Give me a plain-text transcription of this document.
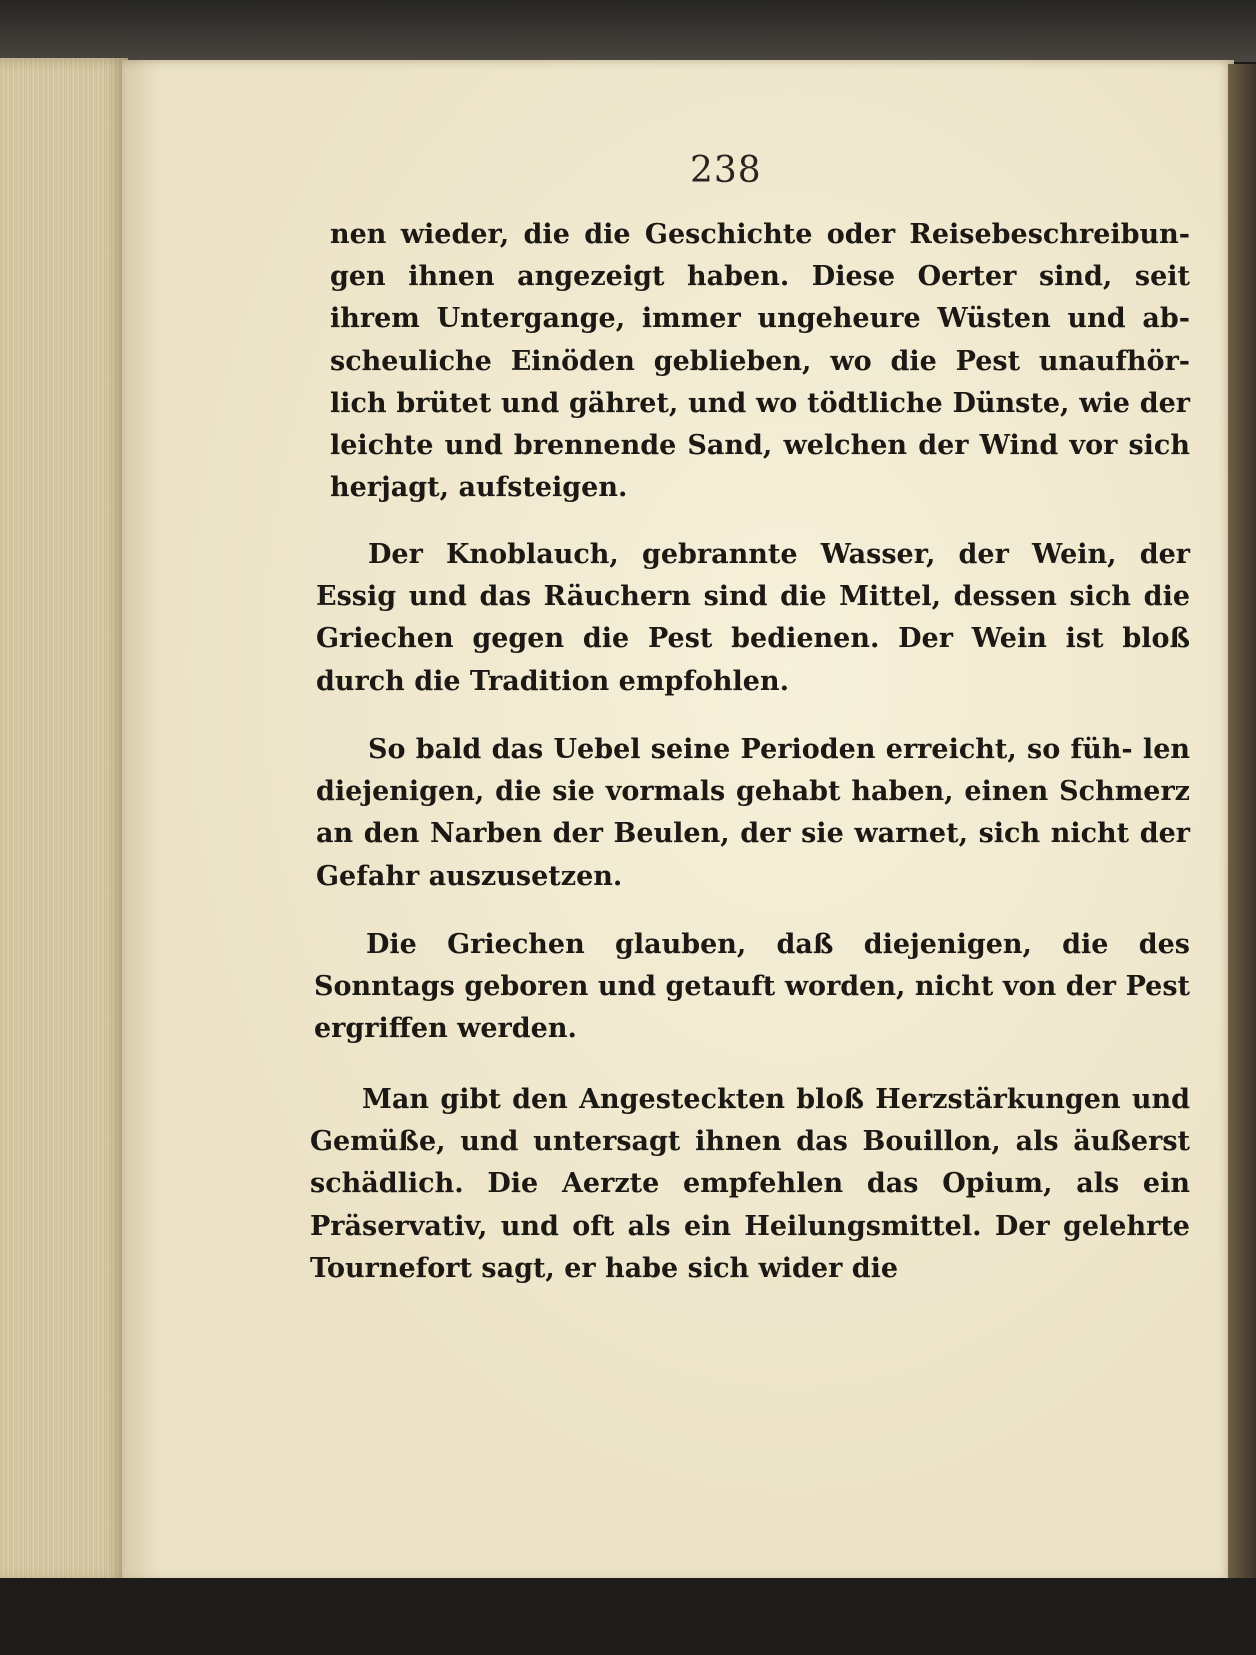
238

nen wieder, die die Geschichte oder Reisebeschreibun- gen ihnen angezeigt haben. Diese Oerter sind, seit ihrem Untergange, immer ungeheure Wüsten und ab- scheuliche Einöden geblieben, wo die Pest unaufhör- lich brütet und gähret, und wo tödtliche Dünste, wie der leichte und brennende Sand, welchen der Wind vor sich herjagt, aufsteigen.

Der Knoblauch, gebrannte Wasser, der Wein, der Essig und das Räuchern sind die Mittel, dessen sich die Griechen gegen die Pest bedienen. Der Wein ist bloß durch die Tradition empfohlen.

So bald das Uebel seine Perioden erreicht, so füh- len diejenigen, die sie vormals gehabt haben, einen Schmerz an den Narben der Beulen, der sie warnet, sich nicht der Gefahr auszusetzen.

Die Griechen glauben, daß diejenigen, die des Sonntags geboren und getauft worden, nicht von der Pest ergriffen werden.

Man gibt den Angesteckten bloß Herzstärkungen und Gemüße, und untersagt ihnen das Bouillon, als äußerst schädlich. Die Aerzte empfehlen das Opium, als ein Präservativ, und oft als ein Heilungsmittel. Der gelehrte Tournefort sagt, er habe sich wider die
